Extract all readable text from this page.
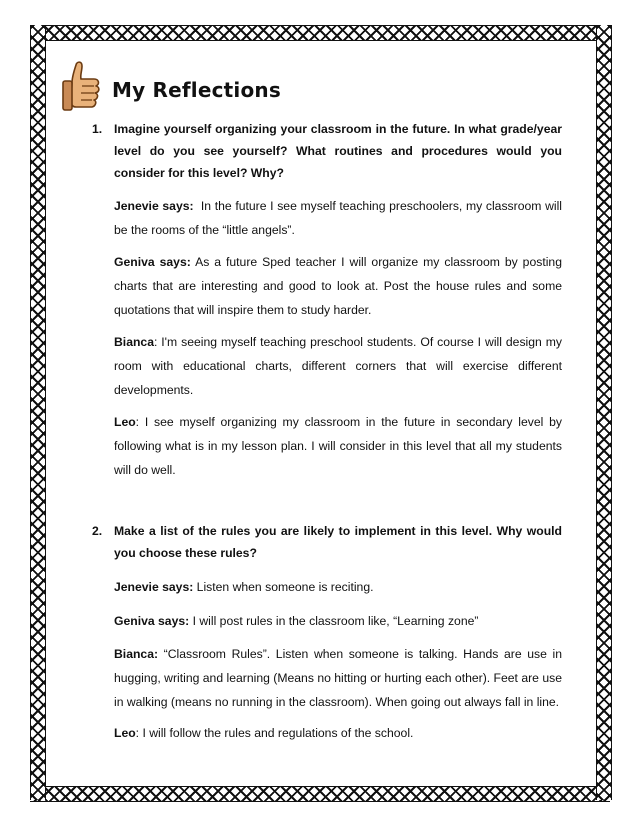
My Reflections
1. Imagine yourself organizing your classroom in the future. In what grade/year level do you see yourself? What routines and procedures would you consider for this level? Why?
Jenevie says:  In the future I see myself teaching preschoolers, my classroom will be the rooms of the “little angels”.
Geniva says: As a future Sped teacher I will organize my classroom by posting charts that are interesting and good to look at. Post the house rules and some quotations that will inspire them to study harder.
Bianca: I'm seeing myself teaching preschool students. Of course I will design my room with educational charts, different corners that will exercise different developments.
Leo: I see myself organizing my classroom in the future in secondary level by following what is in my lesson plan. I will consider in this level that all my students will do well.
2. Make a list of the rules you are likely to implement in this level. Why would you choose these rules?
Jenevie says: Listen when someone is reciting.
Geniva says: I will post rules in the classroom like, “Learning zone”
Bianca: “Classroom Rules”. Listen when someone is talking. Hands are use in hugging, writing and learning (Means no hitting or hurting each other). Feet are use in walking (means no running in the classroom). When going out always fall in line.
Leo: I will follow the rules and regulations of the school.
